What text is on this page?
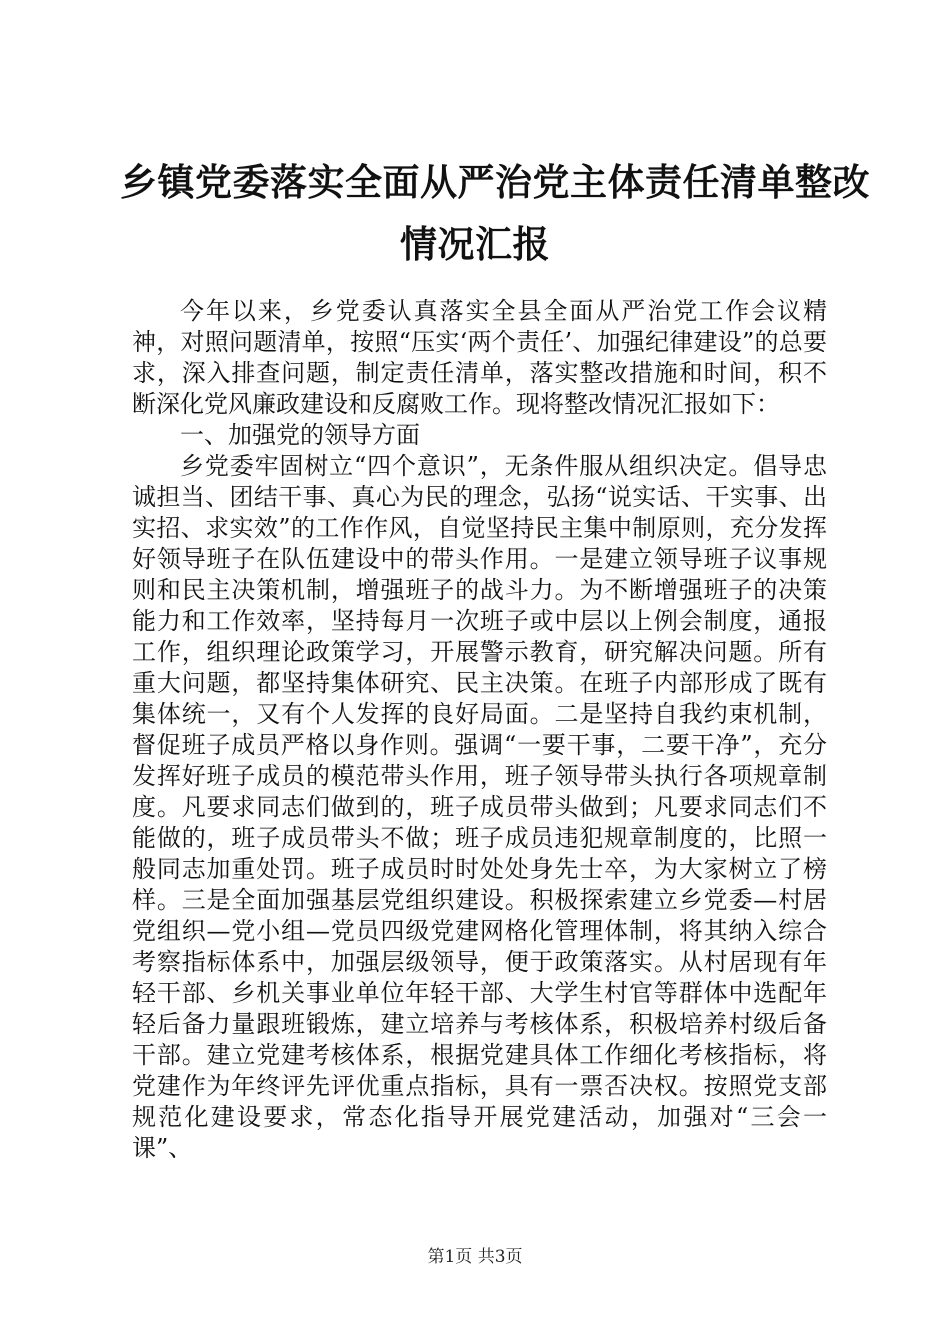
乡镇党委落实全面从严治党主体责任清单整改
情况汇报

今年以来，乡党委认真落实全县全面从严治党工作会议精神，对照问题清单，按照“压实‘两个责任’、加强纪律建设”的总要求，深入排查问题，制定责任清单，落实整改措施和时间，积不断深化党风廉政建设和反腐败工作。现将整改情况汇报如下：

一、加强党的领导方面

乡党委牢固树立“四个意识”，无条件服从组织决定。倡导忠诚担当、团结干事、真心为民的理念，弘扬“说实话、干实事、出实招、求实效”的工作作风，自觉坚持民主集中制原则，充分发挥好领导班子在队伍建设中的带头作用。一是建立领导班子议事规则和民主决策机制，增强班子的战斗力。为不断增强班子的决策能力和工作效率，坚持每月一次班子或中层以上例会制度，通报工作，组织理论政策学习，开展警示教育，研究解决问题。所有重大问题，都坚持集体研究、民主决策。在班子内部形成了既有集体统一，又有个人发挥的良好局面。二是坚持自我约束机制，督促班子成员严格以身作则。强调“一要干事，二要干净”，充分发挥好班子成员的模范带头作用，班子领导带头执行各项规章制度。凡要求同志们做到的，班子成员带头做到；凡要求同志们不能做的，班子成员带头不做；班子成员违犯规章制度的，比照一般同志加重处罚。班子成员时时处处身先士卒，为大家树立了榜样。三是全面加强基层党组织建设。积极探索建立乡党委—村居党组织—党小组—党员四级党建网格化管理体制，将其纳入综合考察指标体系中，加强层级领导，便于政策落实。从村居现有年轻干部、乡机关事业单位年轻干部、大学生村官等群体中选配年轻后备力量跟班锻炼，建立培养与考核体系，积极培养村级后备干部。建立党建考核体系，根据党建具体工作细化考核指标，将党建作为年终评先评优重点指标，具有一票否决权。按照党支部规范化建设要求，常态化指导开展党建活动，加强对“三会一课”、

第1页 共3页
